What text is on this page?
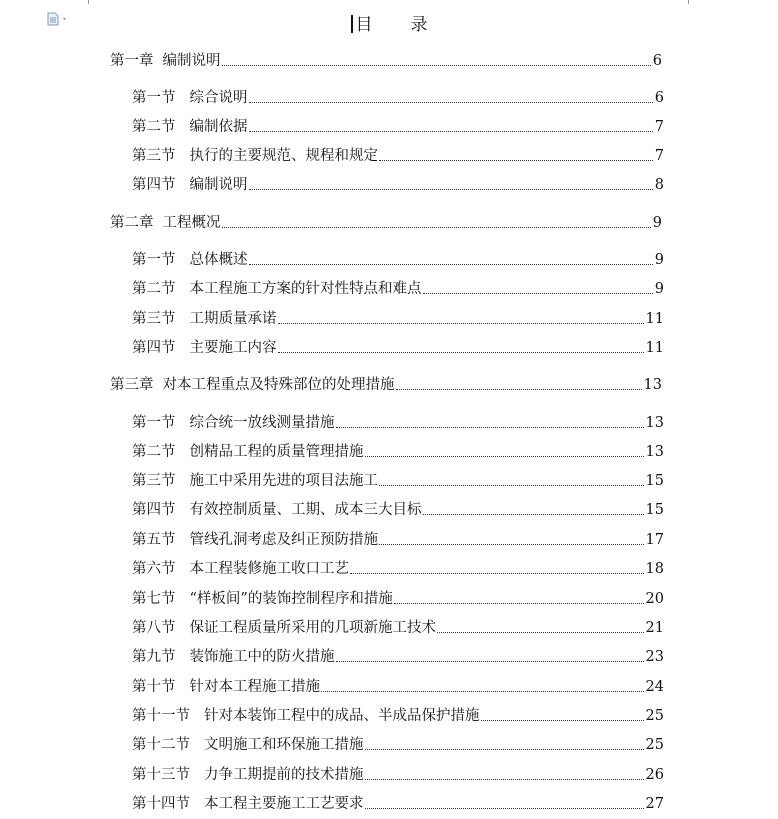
目 录
第一章 编制说明	6
第一节 综合说明	6
第二节 编制依据	7
第三节 执行的主要规范、规程和规定	7
第四节 编制说明	8
第二章 工程概况	9
第一节 总体概述	9
第二节 本工程施工方案的针对性特点和难点	9
第三节 工期质量承诺	11
第四节 主要施工内容	11
第三章 对本工程重点及特殊部位的处理措施	13
第一节 综合统一放线测量措施	13
第二节 创精品工程的质量管理措施	13
第三节 施工中采用先进的项目法施工	15
第四节 有效控制质量、工期、成本三大目标	15
第五节 管线孔洞考虑及纠正预防措施	17
第六节 本工程装修施工收口工艺	18
第七节 “样板间”的装饰控制程序和措施	20
第八节 保证工程质量所采用的几项新施工技术	21
第九节 装饰施工中的防火措施	23
第十节 针对本工程施工措施	24
第十一节 针对本装饰工程中的成品、半成品保护措施	25
第十二节 文明施工和环保施工措施	25
第十三节 力争工期提前的技术措施	26
第十四节 本工程主要施工工艺要求	27
